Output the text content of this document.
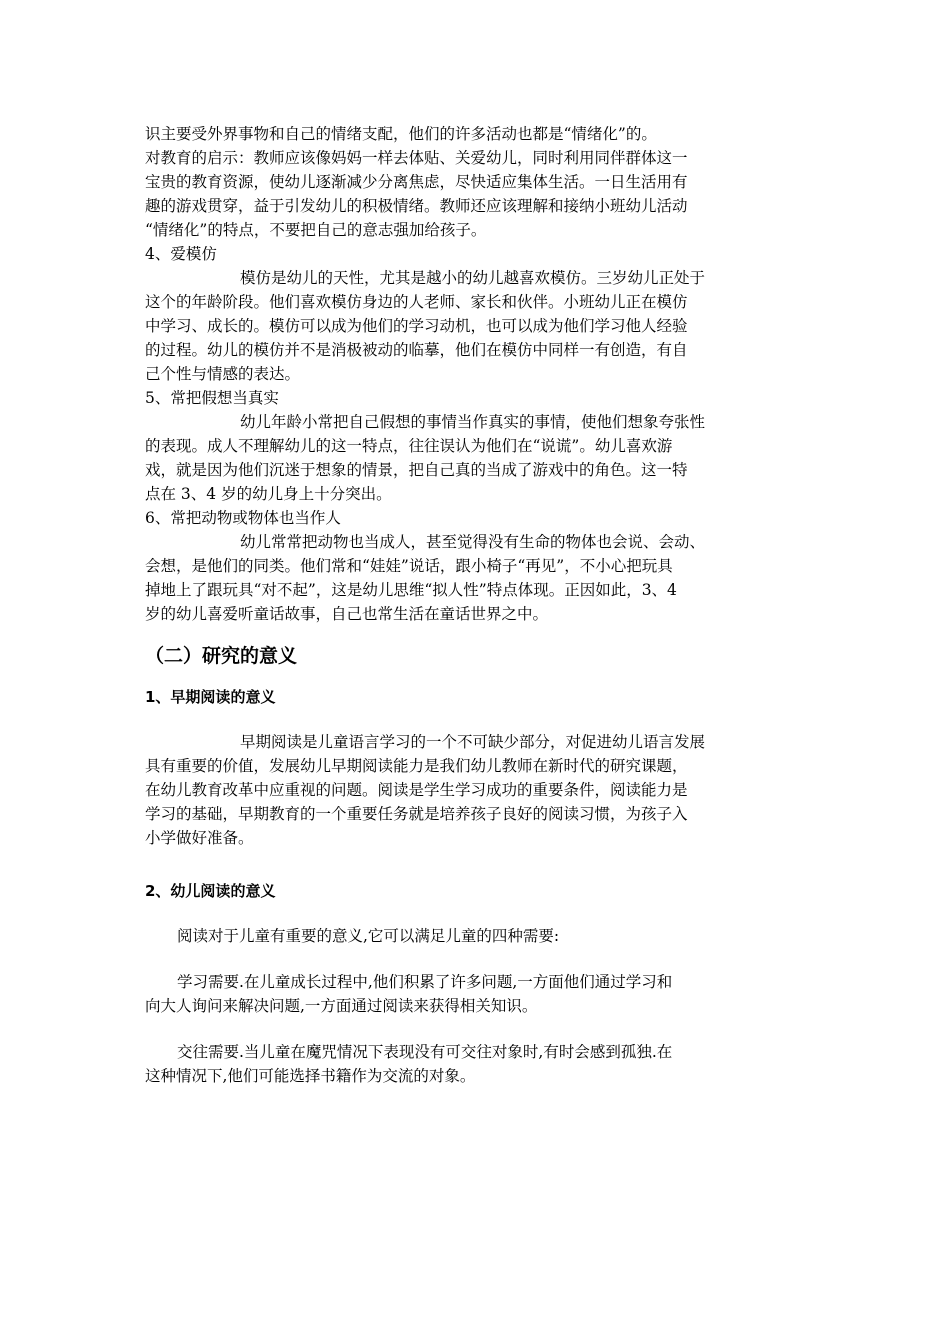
识主要受外界事物和自己的情绪支配，他们的许多活动也都是“情绪化”的。
对教育的启示：教师应该像妈妈一样去体贴、关爱幼儿，同时利用同伴群体这一
宝贵的教育资源，使幼儿逐渐减少分离焦虑，尽快适应集体生活。一日生活用有
趣的游戏贯穿，益于引发幼儿的积极情绪。教师还应该理解和接纳小班幼儿活动
“情绪化”的特点，不要把自己的意志强加给孩子。
4、爱模仿
模仿是幼儿的天性，尤其是越小的幼儿越喜欢模仿。三岁幼儿正处于
这个的年龄阶段。他们喜欢模仿身边的人老师、家长和伙伴。小班幼儿正在模仿
中学习、成长的。模仿可以成为他们的学习动机，也可以成为他们学习他人经验
的过程。幼儿的模仿并不是消极被动的临摹，他们在模仿中同样一有创造，有自
己个性与情感的表达。
5、常把假想当真实
幼儿年龄小常把自己假想的事情当作真实的事情，使他们想象夸张性
的表现。成人不理解幼儿的这一特点，往往误认为他们在“说谎”。幼儿喜欢游
戏，就是因为他们沉迷于想象的情景，把自己真的当成了游戏中的角色。这一特
点在 3、4 岁的幼儿身上十分突出。
6、常把动物或物体也当作人
幼儿常常把动物也当成人，甚至觉得没有生命的物体也会说、会动、
会想，是他们的同类。他们常和“娃娃”说话，跟小椅子“再见”，不小心把玩具
掉地上了跟玩具“对不起”，这是幼儿思维“拟人性”特点体现。正因如此，3、4
岁的幼儿喜爱听童话故事，自己也常生活在童话世界之中。
（二）研究的意义
1、早期阅读的意义
早期阅读是儿童语言学习的一个不可缺少部分，对促进幼儿语言发展
具有重要的价值，发展幼儿早期阅读能力是我们幼儿教师在新时代的研究课题，
在幼儿教育改革中应重视的问题。阅读是学生学习成功的重要条件，阅读能力是
学习的基础，早期教育的一个重要任务就是培养孩子良好的阅读习惯，为孩子入
小学做好准备。
2、幼儿阅读的意义
阅读对于儿童有重要的意义,它可以满足儿童的四种需要:
学习需要.在儿童成长过程中,他们积累了许多问题,一方面他们通过学习和
向大人询问来解决问题,一方面通过阅读来获得相关知识。
交往需要.当儿童在魔咒情况下表现没有可交往对象时,有时会感到孤独.在
这种情况下,他们可能选择书籍作为交流的对象。
